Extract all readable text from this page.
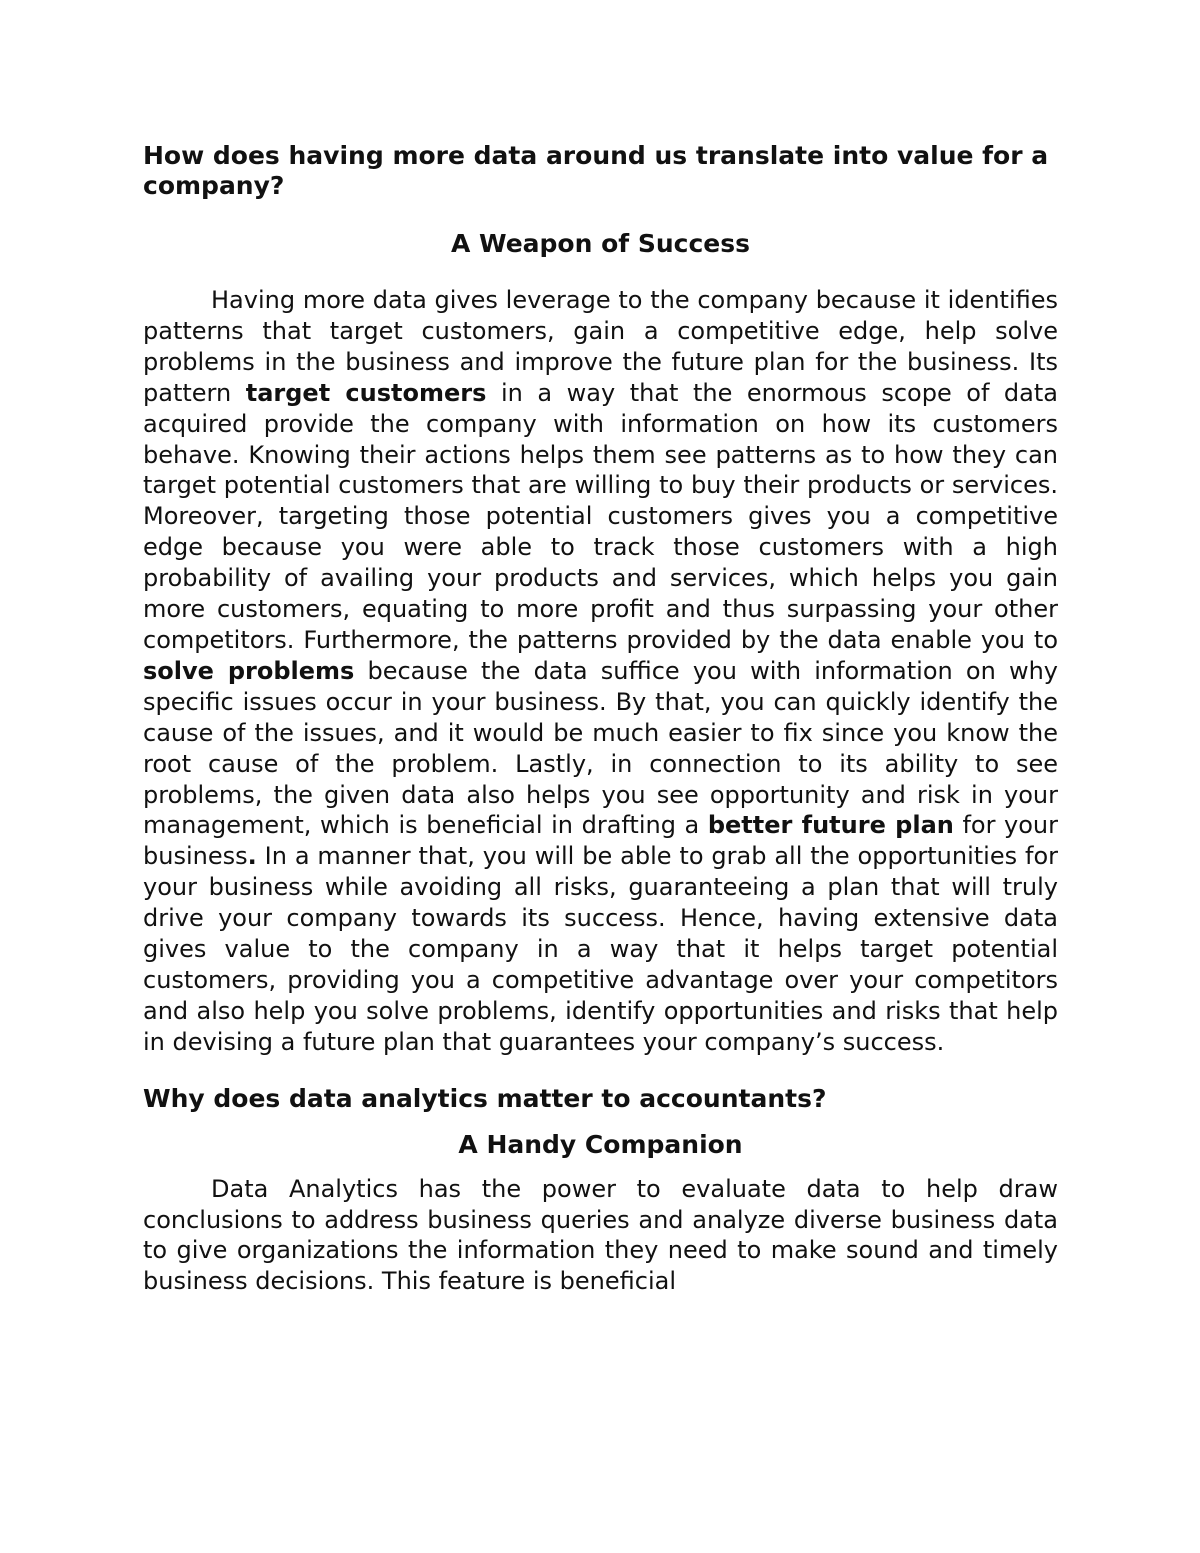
How does having more data around us translate into value for a company?

A Weapon of Success

Having more data gives leverage to the company because it identifies patterns that target customers, gain a competitive edge, help solve problems in the business and improve the future plan for the business. Its pattern target customers in a way that the enormous scope of data acquired provide the company with information on how its customers behave. Knowing their actions helps them see patterns as to how they can target potential customers that are willing to buy their products or services. Moreover, targeting those potential customers gives you a competitive edge because you were able to track those customers with a high probability of availing your products and services, which helps you gain more customers, equating to more profit and thus surpassing your other competitors. Furthermore, the patterns provided by the data enable you to solve problems because the data suffice you with information on why specific issues occur in your business. By that, you can quickly identify the cause of the issues, and it would be much easier to fix since you know the root cause of the problem. Lastly, in connection to its ability to see problems, the given data also helps you see opportunity and risk in your management, which is beneficial in drafting a better future plan for your business. In a manner that, you will be able to grab all the opportunities for your business while avoiding all risks, guaranteeing a plan that will truly drive your company towards its success. Hence, having extensive data gives value to the company in a way that it helps target potential customers, providing you a competitive advantage over your competitors and also help you solve problems, identify opportunities and risks that help in devising a future plan that guarantees your company’s success.

Why does data analytics matter to accountants?

A Handy Companion

Data Analytics has the power to evaluate data to help draw conclusions to address business queries and analyze diverse business data to give organizations the information they need to make sound and timely business decisions. This feature is beneficial
